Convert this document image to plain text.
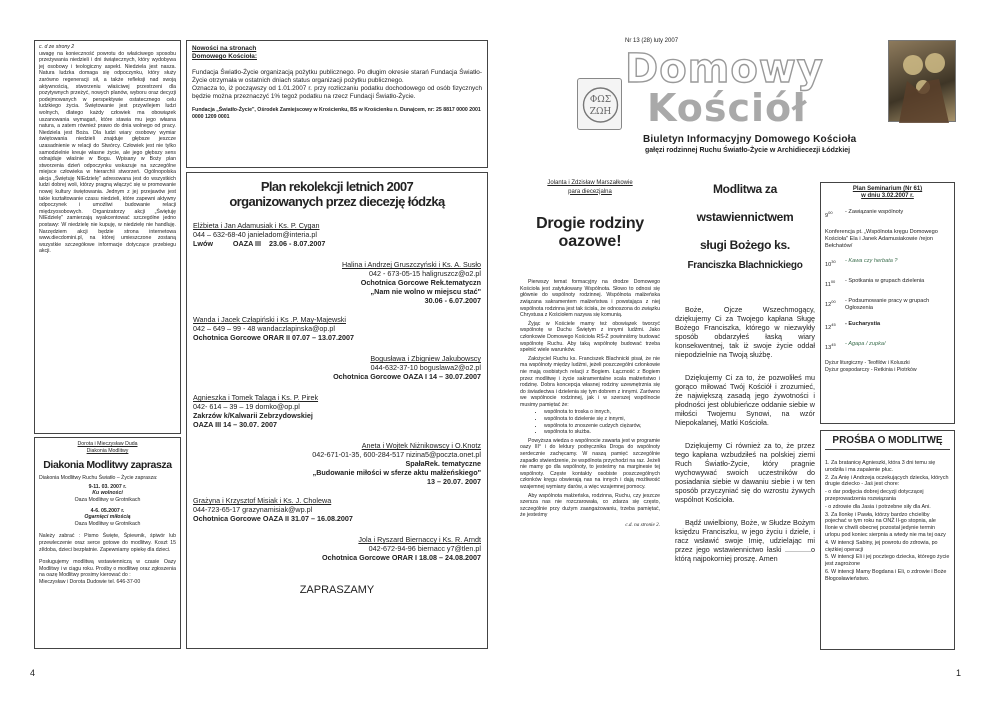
c. d ze strony 2
uwagę na konieczność powrotu do właściwego sposobu przeżywania niedzieli i dni świątecznych, który wydobywa jej osobowy i teologiczny aspekt. Niedziela jest nasza. Natura ludzka domaga się odpoczynku, który służy zarówno regeneracji sił, a także refleksji nad swoją aktywnością, stworzeniu właściwej przestrzeni dla pozytywnych przeżyć, nowych planów, wyboru oraz decyzji podejmowanych w perspektywie ostatecznego celu ludzkiego życia. Świętowanie jest przywilejem ludzi wolnych, dlatego każdy człowiek ma obowiązek uszanowania wymagań, które stawia mu jego własna natura, a zatem równieź prawo do dnia wolnego od pracy. Niedziela jest Boża. Dla ludzi wiary osobowy wymiar świętowania niedzieli znajduje głębsze jeszcze uzasadnienie w relacji do Stwórcy. Człowiek jest nie tylko samodzielnie kreuje własne życie, ale jego głębszy sens odnajduje właśnie w Bogu. Wpisany w Boży plan stworzenia dzień odpoczynku wskazuje na szczególne miejsce człowieka w hierarchii stworzeń. Ogólnopolska akcja „Świętuję NIEdzielę" adresowana jest do wszystkich ludzi dobrej woli, którzy pragną włączyć się w promowanie nowej kultury świętowania. Jednym z jej przejawów jest takie kształtowanie czasu niedzieli, które zapewni aktywny odpoczynek i umożliwi budowanie relacji międzyosobowych. Organizatorzy akcji „Świętuję NIEdzielę" zamierzają wyakcentować szczególne jedno postawy: W niedzielę nie kupuję, w niedzielę nie handluję. Narzędziem akcji będzie strona internetowa www.diecdomini.pl, na której umieszczone zostaną wszystkie szczegółowe informacje dotyczące przebiegu akcji.
Dorota i Mieczysław Duda
Diakonia Modlitwy
Diakonia Modlitwy zaprasza
Diakonia Modlitwy Ruchu Światło – Życie zaprasza:
9-11. 03. 2007 r.
Ku wolności
Oaza Modlitwy w Grotnikach
4-6. 05.2007 r.
Ogarnięci miłością
Oaza Modlitwy w Grotnikach
Należy zabrać : Pismo Święte, Śpiewnik, śpiwór lub przewleczenie oraz serce gotowe do modlitwy. Koszt 15 zł/doba, dzieci bezpłatnie. Zapewniamy opiekę dla dzieci.
Posługujemy modlitwą wstawienniczą w czasie Oazy Modlitwy i w ciągu roku. Prośby o modlitwę oraz zgłoszenia na oazę Modlitwy prosimy kierować do :
Mieczysław i Dorota Dudowie tel. 646-37-00
Nowości na stronach
Domowego Kościoła:
Fundacja Światło-Życie organizacją pożytku publicznego. Po długim okresie starań Fundacja Światło- Życie otrzymała w ostatnich dniach status organizacji pożytku publicznego.
Oznacza to, iż począwszy od 1.01.2007 r. przy rozliczaniu podatku dochodowego od osób fizycznych będzie można przeznaczyć 1% tegoż podatku na rzecz Fundacji Światło-Życie.
Fundacja „Światło-Życie", Ośrodek Zamiejscowy w Krościenku, BS w Krościenku n. Dunajcem, nr: 25 8817 0000 2001 0000 1209 0001
Plan rekolekcji letnich 2007
organizowanych przez diecezję łódzką
Elżbieta i Jan Adamusiak i Ks. P. Cygan
044 – 632-68-40 janieladom@interia.pl
Lwów          OAZA III    23.06 - 8.07.2007
Halina i Andrzej Gruszczyński i Ks. A. Susło
042 - 673-05-15 haligruszcz@o2.pl
Ochotnica Gorcowe Rek.tematyczn
„Nam nie wolno w miejscu stać"
30.06 - 6.07.2007
Wanda i Jacek Człapiński i Ks .P. May-Majewski
042 – 649 – 99 - 48 wandaczlapinska@op.pl
Ochotnica Gorcowe ORAR II 07.07 – 13.07.2007
Bogusława i Zbigniew Jakubowscy
044-632-37-10 boguslawa2@o2.pl
Ochotnica Gorcowe OAZA I 14 – 30.07.2007
Agnieszka i Tomek Talaga i Ks. P. Pirek
042- 614 – 39 – 19 domko@op.pl
Zakrzów k/Kalwarii Zebrzydowskiej
OAZA III 14 – 30.07. 2007
Aneta i Wojtek Niżnikowscy i O.Knotz
042-671-01-35, 600-284-517 nizina5@poczta.onet.pl
SpałaRek. tematyczne
„Budowanie miłości w sferze aktu małżeńskiego"
13 – 20.07. 2007
Grażyna i Krzysztof Misiak i Ks. J. Cholewa
044-723-65-17 grazynamisiak@wp.pl
Ochotnica Gorcowe OAZA II 31.07 – 16.08.2007
Jola i Ryszard Biernaccy i Ks. R. Arndt
042-672-94-96 biernacc y7@tlen.pl
Ochotnica Gorcowe ORAR I 18.08 – 24.08.2007
ZAPRASZAMY
4
Nr 13 (28) luty 2007
ΦΩΣ
ΖΩΗ
Domowy
Kościół
Biuletyn Informacyjny Domowego Kościoła
gałęzi rodzinnej Ruchu Światło-Życie w Archidiecezji Łódzkiej
Jolanta i Zdzisław Marszałkowie
para diecezjalna
Drogie rodziny
oazowe!
Pierwszy temat formacyjny na drodze Domowego Kościoła jest zatytułowany Wspólnota. Słowo to odnosi się głównie do wspólnoty rodzinnej. Wspólnota małżeńska związana sakramentem małżeństwa i powstająca z niej wspólnota rodzinna jest tak ścisła, że odnoszona do związku Chrystusa z Kościołem nazywa się komunią.
Żyjąc w Kościele mamy też obowiązek tworzyć wspólnotę w Duchu Świętym z innymi ludźmi. Jako członkowie Domowego Kościoła RŚ-Ż powinniśmy budować wspólnotę Ruchu. Aby taką wspólnotę budować trzeba spełnić wiele warunków.
Założyciel Ruchu ks. Franciszek Blachnicki pisał, że nie ma wspólnoty między ludźmi, jeżeli poszczególni członkowie nie mają osobistych relacji z Bogiem. Łączność z Bogiem przez modlitwę i życie sakramentalne scala małżeństwo i rodzinę. Dobra koncepcja własnej rodziny uzewnętrznia się do świadectwa i dzielenia się tym dobrem z innymi. Zarówno we wspólnocie rodzinnej, jak i w szerszej wspólnocie musimy pamiętać że:
• wspólnota to troska o innych,
• wspólnota to dzielenie się z innymi,
• wspólnota to znoszenie cudzych ciężarów,
• wspólnota to służba.
Powyższa wiedza o wspólnocie zawarta jest w programie oazy III° i do lektury podręcznika Droga do wspólnoty serdecznie zachęcamy. W naszą pamięć szczególnie zapadło stwierdzenie, że wspólnota przychodzi na raz. Jeżeli nie mamy go dla wspólnoty, to jesteśmy na marginesie tej wspólnoty. Częste kontakty osobiste poszczególnych członków kręgu obwierają nas na innych i dają możliwość wzajemnej wymiany darów, a więc wzajemnej pomocy.
Aby wspólnota małżeńska, rodzinna, Ruchu, czy jeszcze szersza nas nie rozczarowała, co zdarza się często, szczególnie przy dużym zaangażowaniu, trzeba pamiętać, że jesteśmy
c.d. na stronie 2.
Modlitwa za
wstawiennictwem
sługi Bożego ks.
Franciszka Blachnickiego
Boże, Ojcze Wszechmogący, dziękujemy Ci za Twojego kapłana Sługę Bożego Franciszka, którego w niezwykły sposób obdarzyłeś łaską wiary konsekwentnej, tak iż swoje życie oddał niepodzielnie na Twoją służbę.
Dziękujemy Ci za to, że pozwoliłeś mu gorąco miłować Twój Kościół i zrozumieć, że największą zasadą jego żywotności i płodności jest oblubieńcze oddanie siebie w miłości Twojemu Synowi, na wzór Niepokalanej, Matki Kościoła.
Dziękujemy Ci również za to, że przez tego kapłana wzbudziłeś na polskiej ziemi Ruch Światło-Życie, który pragnie wychowywać swoich uczestników do posiadania siebie w dawaniu siebie i w ten sposób przyczyniać się do wzrostu żywych wspólnot Kościoła.
Bądź uwielbiony, Boże, w Słudze Bożym księdzu Franciszku, w jego życiu i dziele, i racz wsławić swoje Imię, udzielając mi przez jego wstawiennictwo łaski .............o którą najpokorniej proszę. Amen
Plan Seminarium (Nr 61)
w dniu 3.02.2007 r.
$9^{00}$	- Zawiązanie wspólnoty
Konferencja pt. „Wspólnota kręgu Domowego Kościoła" Ela i Janek Adamusiakowie /rejon Bełchatów/
$10^{30}$	- Kawa czy herbata ?
$11^{00}$	- Spotkania w grupach dzielenia
$12^{00}$	- Podsumowanie pracy w grupach Ogłoszenia
$12^{45}$	- Eucharystia
$13^{45}$	- Agapa / zupka/
Dyżur liturgiczny - Teofilów i Koluszki
Dyżur gospodarczy - Retkinia i Piotrków
PROŚBA O MODLITWĘ
1. Za bratanicę Agnieszki, która 3 dni temu się urodziła i ma zapalenie płuc.
2. Za Anię i Andrzeja oczekujących dziecka, których drugie dziecko - Jaś jest chore:
- o dar podjęcia dobrej decyzji dotyczącej przeprowadzenia rozwiązania
- o zdrowie dla Jasia i potrzebne siły dla Ani.
3. Za Ilonkę i Pawła, którzy bardzo chcieliby pojechać w tym roku na ONŻ II-go stopnia, ale Ilonie w chwili obecnej pozostał jedynie termin urlopu pod koniec sierpnia a wtedy nie ma tej oazy
4. W intencji Sabiny, jej powrotu do zdrowia, po ciężkiej operacji
5. W intencji Eli i jej pocztego dziecka, którego życie jest zagrożone
6. W intencji Mamy Bogdana i Eli, o zdrowie i Boże Błogosławieństwo.
1
